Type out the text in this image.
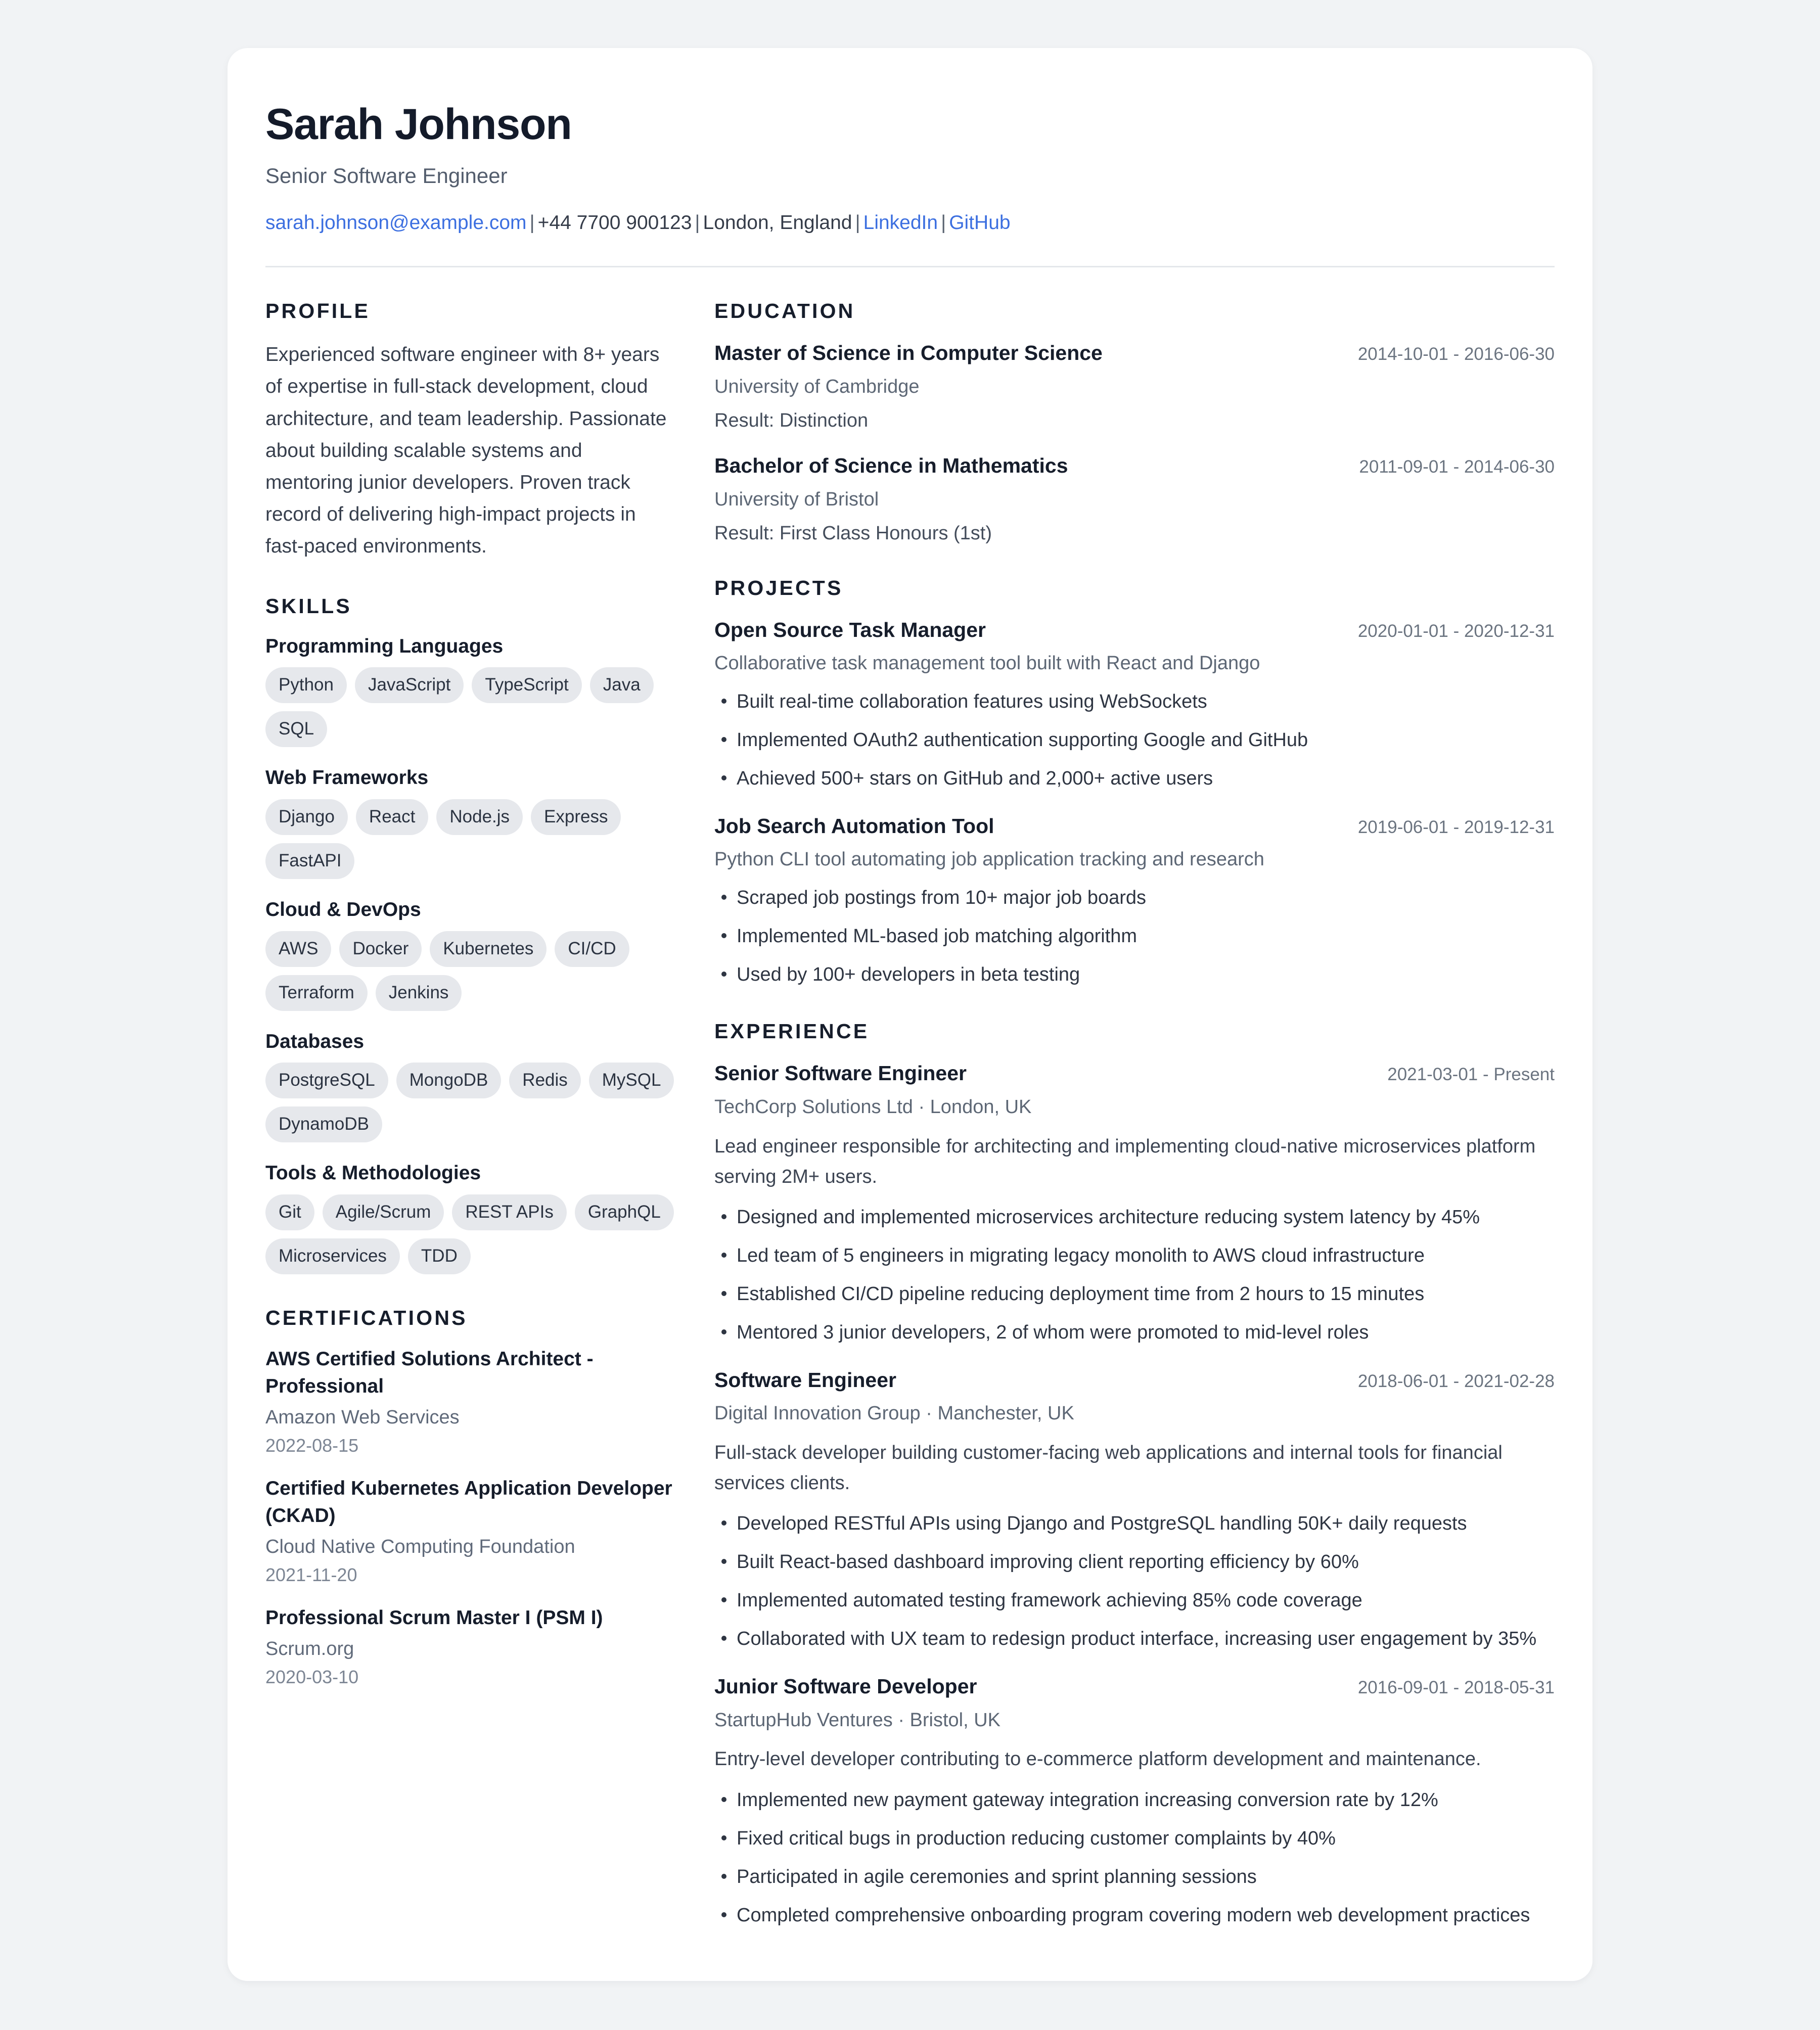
Sarah Johnson
Senior Software Engineer
sarah.johnson@example.com | +44 7700 900123 | London, England | LinkedIn | GitHub
PROFILE

Experienced software engineer with 8+ years of expertise in full-stack development, cloud architecture, and team leadership. Passionate about building scalable systems and mentoring junior developers. Proven track record of delivering high-impact projects in fast-paced environments.

SKILLS
Programming Languages
Python	JavaScript	TypeScript	Java
SQL
Web Frameworks
Django	React	Node.js	Express
FastAPI
Cloud & DevOps
AWS	Docker	Kubernetes	CI/CD
Terraform	Jenkins
Databases
PostgreSQL	MongoDB	Redis	MySQL
DynamoDB
Tools & Methodologies
Git	Agile/Scrum	REST APIs	GraphQL
Microservices	TDD
CERTIFICATIONS
AWS Certified Solutions Architect - Professional
Amazon Web Services
2022-08-15
Certified Kubernetes Application Developer (CKAD)
Cloud Native Computing Foundation
2021-11-20
Professional Scrum Master I (PSM I)
Scrum.org
2020-03-10
EDUCATION
Master of Science in Computer Science	2014-10-01 - 2016-06-30
University of Cambridge
Result: Distinction
Bachelor of Science in Mathematics	2011-09-01 - 2014-06-30
University of Bristol
Result: First Class Honours (1st)
PROJECTS
Open Source Task Manager	2020-01-01 - 2020-12-31
Collaborative task management tool built with React and Django
Built real-time collaboration features using WebSockets
Implemented OAuth2 authentication supporting Google and GitHub
Achieved 500+ stars on GitHub and 2,000+ active users
Job Search Automation Tool	2019-06-01 - 2019-12-31
Python CLI tool automating job application tracking and research
Scraped job postings from 10+ major job boards
Implemented ML-based job matching algorithm
Used by 100+ developers in beta testing
EXPERIENCE
Senior Software Engineer	2021-03-01 - Present
TechCorp Solutions Ltd · London, UK
Lead engineer responsible for architecting and implementing cloud-native microservices platform serving 2M+ users.
Designed and implemented microservices architecture reducing system latency by 45%
Led team of 5 engineers in migrating legacy monolith to AWS cloud infrastructure
Established CI/CD pipeline reducing deployment time from 2 hours to 15 minutes
Mentored 3 junior developers, 2 of whom were promoted to mid-level roles
Software Engineer	2018-06-01 - 2021-02-28
Digital Innovation Group · Manchester, UK
Full-stack developer building customer-facing web applications and internal tools for financial services clients.
Developed RESTful APIs using Django and PostgreSQL handling 50K+ daily requests
Built React-based dashboard improving client reporting efficiency by 60%
Implemented automated testing framework achieving 85% code coverage
Collaborated with UX team to redesign product interface, increasing user engagement by 35%
Junior Software Developer	2016-09-01 - 2018-05-31
StartupHub Ventures · Bristol, UK
Entry-level developer contributing to e-commerce platform development and maintenance.
Implemented new payment gateway integration increasing conversion rate by 12%
Fixed critical bugs in production reducing customer complaints by 40%
Participated in agile ceremonies and sprint planning sessions
Completed comprehensive onboarding program covering modern web development practices
